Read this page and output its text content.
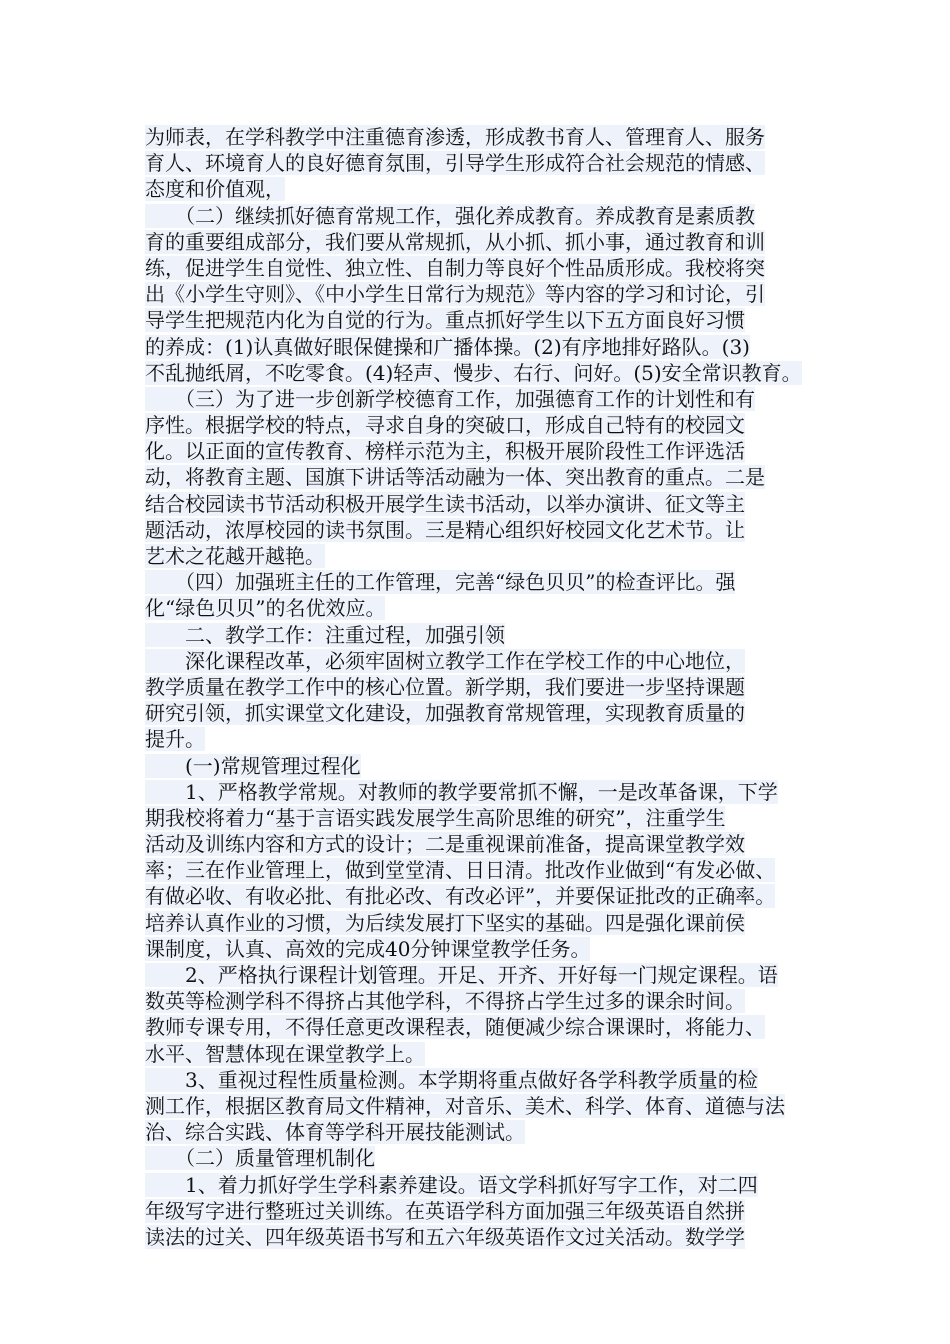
为师表，在学科教学中注重德育渗透，形成教书育人、管理育人、服务
育人、环境育人的良好德育氛围，引导学生形成符合社会规范的情感、
态度和价值观，
　　（二）继续抓好德育常规工作，强化养成教育。养成教育是素质教
育的重要组成部分，我们要从常规抓，从小抓、抓小事，通过教育和训
练，促进学生自觉性、独立性、自制力等良好个性品质形成。我校将突
出《小学生守则》、《中小学生日常行为规范》等内容的学习和讨论，引
导学生把规范内化为自觉的行为。重点抓好学生以下五方面良好习惯
的养成：(1)认真做好眼保健操和广播体操。(2)有序地排好路队。(3)
不乱抛纸屑，不吃零食。(4)轻声、慢步、右行、问好。(5)安全常识教育。
　　（三）为了进一步创新学校德育工作，加强德育工作的计划性和有
序性。根据学校的特点，寻求自身的突破口，形成自己特有的校园文
化。以正面的宣传教育、榜样示范为主，积极开展阶段性工作评选活
动，将教育主题、国旗下讲话等活动融为一体、突出教育的重点。二是
结合校园读书节活动积极开展学生读书活动，以举办演讲、征文等主
题活动，浓厚校园的读书氛围。三是精心组织好校园文化艺术节。让
艺术之花越开越艳。
　　（四）加强班主任的工作管理，完善“绿色贝贝”的检查评比。强
化“绿色贝贝”的名优效应。
　　二、教学工作：注重过程，加强引领
　　深化课程改革，必须牢固树立教学工作在学校工作的中心地位，
教学质量在教学工作中的核心位置。新学期，我们要进一步坚持课题
研究引领，抓实课堂文化建设，加强教育常规管理，实现教育质量的
提升。
　　(一)常规管理过程化
　　1、严格教学常规。对教师的教学要常抓不懈，一是改革备课，下学
期我校将着力“基于言语实践发展学生高阶思维的研究”，注重学生
活动及训练内容和方式的设计；二是重视课前准备，提高课堂教学效
率；三在作业管理上，做到堂堂清、日日清。批改作业做到“有发必做、
有做必收、有收必批、有批必改、有改必评”，并要保证批改的正确率。
培养认真作业的习惯，为后续发展打下坚实的基础。四是强化课前侯
课制度，认真、高效的完成40分钟课堂教学任务。
　　2、严格执行课程计划管理。开足、开齐、开好每一门规定课程。语
数英等检测学科不得挤占其他学科，不得挤占学生过多的课余时间。
教师专课专用，不得任意更改课程表，随便减少综合课课时，将能力、
水平、智慧体现在课堂教学上。
　　3、重视过程性质量检测。本学期将重点做好各学科教学质量的检
测工作，根据区教育局文件精神，对音乐、美术、科学、体育、道德与法
治、综合实践、体育等学科开展技能测试。
　　（二）质量管理机制化
　　1、着力抓好学生学科素养建设。语文学科抓好写字工作，对二四
年级写字进行整班过关训练。在英语学科方面加强三年级英语自然拼
读法的过关、四年级英语书写和五六年级英语作文过关活动。数学学
